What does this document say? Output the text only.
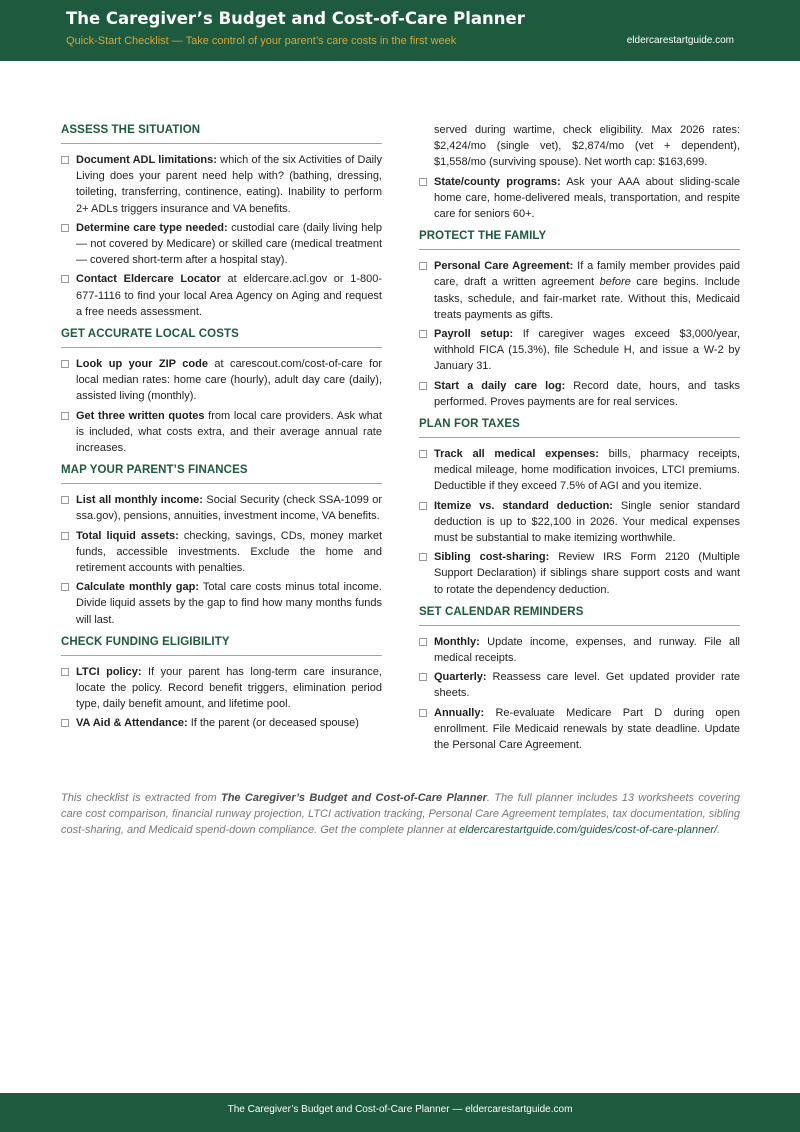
The Caregiver’s Budget and Cost-of-Care Planner
Quick-Start Checklist — Take control of your parent’s care costs in the first week	eldercarestartguide.com
ASSESS THE SITUATION
Document ADL limitations: which of the six Activities of Daily Living does your parent need help with? (bathing, dressing, toileting, transferring, continence, eating). Inability to perform 2+ ADLs triggers insurance and VA benefits.
Determine care type needed: custodial care (daily living help — not covered by Medicare) or skilled care (medical treatment — covered short-term after a hospital stay).
Contact Eldercare Locator at eldercare.acl.gov or 1-800-677-1116 to find your local Area Agency on Aging and request a free needs assessment.
GET ACCURATE LOCAL COSTS
Look up your ZIP code at carescout.com/cost-of-care for local median rates: home care (hourly), adult day care (daily), assisted living (monthly).
Get three written quotes from local care providers. Ask what is included, what costs extra, and their average annual rate increases.
MAP YOUR PARENT’S FINANCES
List all monthly income: Social Security (check SSA-1099 or ssa.gov), pensions, annuities, investment income, VA benefits.
Total liquid assets: checking, savings, CDs, money market funds, accessible investments. Exclude the home and retirement accounts with penalties.
Calculate monthly gap: Total care costs minus total income. Divide liquid assets by the gap to find how many months funds will last.
CHECK FUNDING ELIGIBILITY
LTCI policy: If your parent has long-term care insurance, locate the policy. Record benefit triggers, elimination period type, daily benefit amount, and lifetime pool.
VA Aid & Attendance: If the parent (or deceased spouse)
served during wartime, check eligibility. Max 2026 rates: $2,424/mo (single vet), $2,874/mo (vet + dependent), $1,558/mo (surviving spouse). Net worth cap: $163,699.
State/county programs: Ask your AAA about sliding-scale home care, home-delivered meals, transportation, and respite care for seniors 60+.
PROTECT THE FAMILY
Personal Care Agreement: If a family member provides paid care, draft a written agreement before care begins. Include tasks, schedule, and fair-market rate. Without this, Medicaid treats payments as gifts.
Payroll setup: If caregiver wages exceed $3,000/year, withhold FICA (15.3%), file Schedule H, and issue a W-2 by January 31.
Start a daily care log: Record date, hours, and tasks performed. Proves payments are for real services.
PLAN FOR TAXES
Track all medical expenses: bills, pharmacy receipts, medical mileage, home modification invoices, LTCI premiums. Deductible if they exceed 7.5% of AGI and you itemize.
Itemize vs. standard deduction: Single senior standard deduction is up to $22,100 in 2026. Your medical expenses must be substantial to make itemizing worthwhile.
Sibling cost-sharing: Review IRS Form 2120 (Multiple Support Declaration) if siblings share support costs and want to rotate the dependency deduction.
SET CALENDAR REMINDERS
Monthly: Update income, expenses, and runway. File all medical receipts.
Quarterly: Reassess care level. Get updated provider rate sheets.
Annually: Re-evaluate Medicare Part D during open enrollment. File Medicaid renewals by state deadline. Update the Personal Care Agreement.
This checklist is extracted from The Caregiver’s Budget and Cost-of-Care Planner. The full planner includes 13 worksheets covering care cost comparison, financial runway projection, LTCI activation tracking, Personal Care Agreement templates, tax documentation, sibling cost-sharing, and Medicaid spend-down compliance. Get the complete planner at eldercarestartguide.com/guides/cost-of-care-planner/.
The Caregiver’s Budget and Cost-of-Care Planner — eldercarestartguide.com
